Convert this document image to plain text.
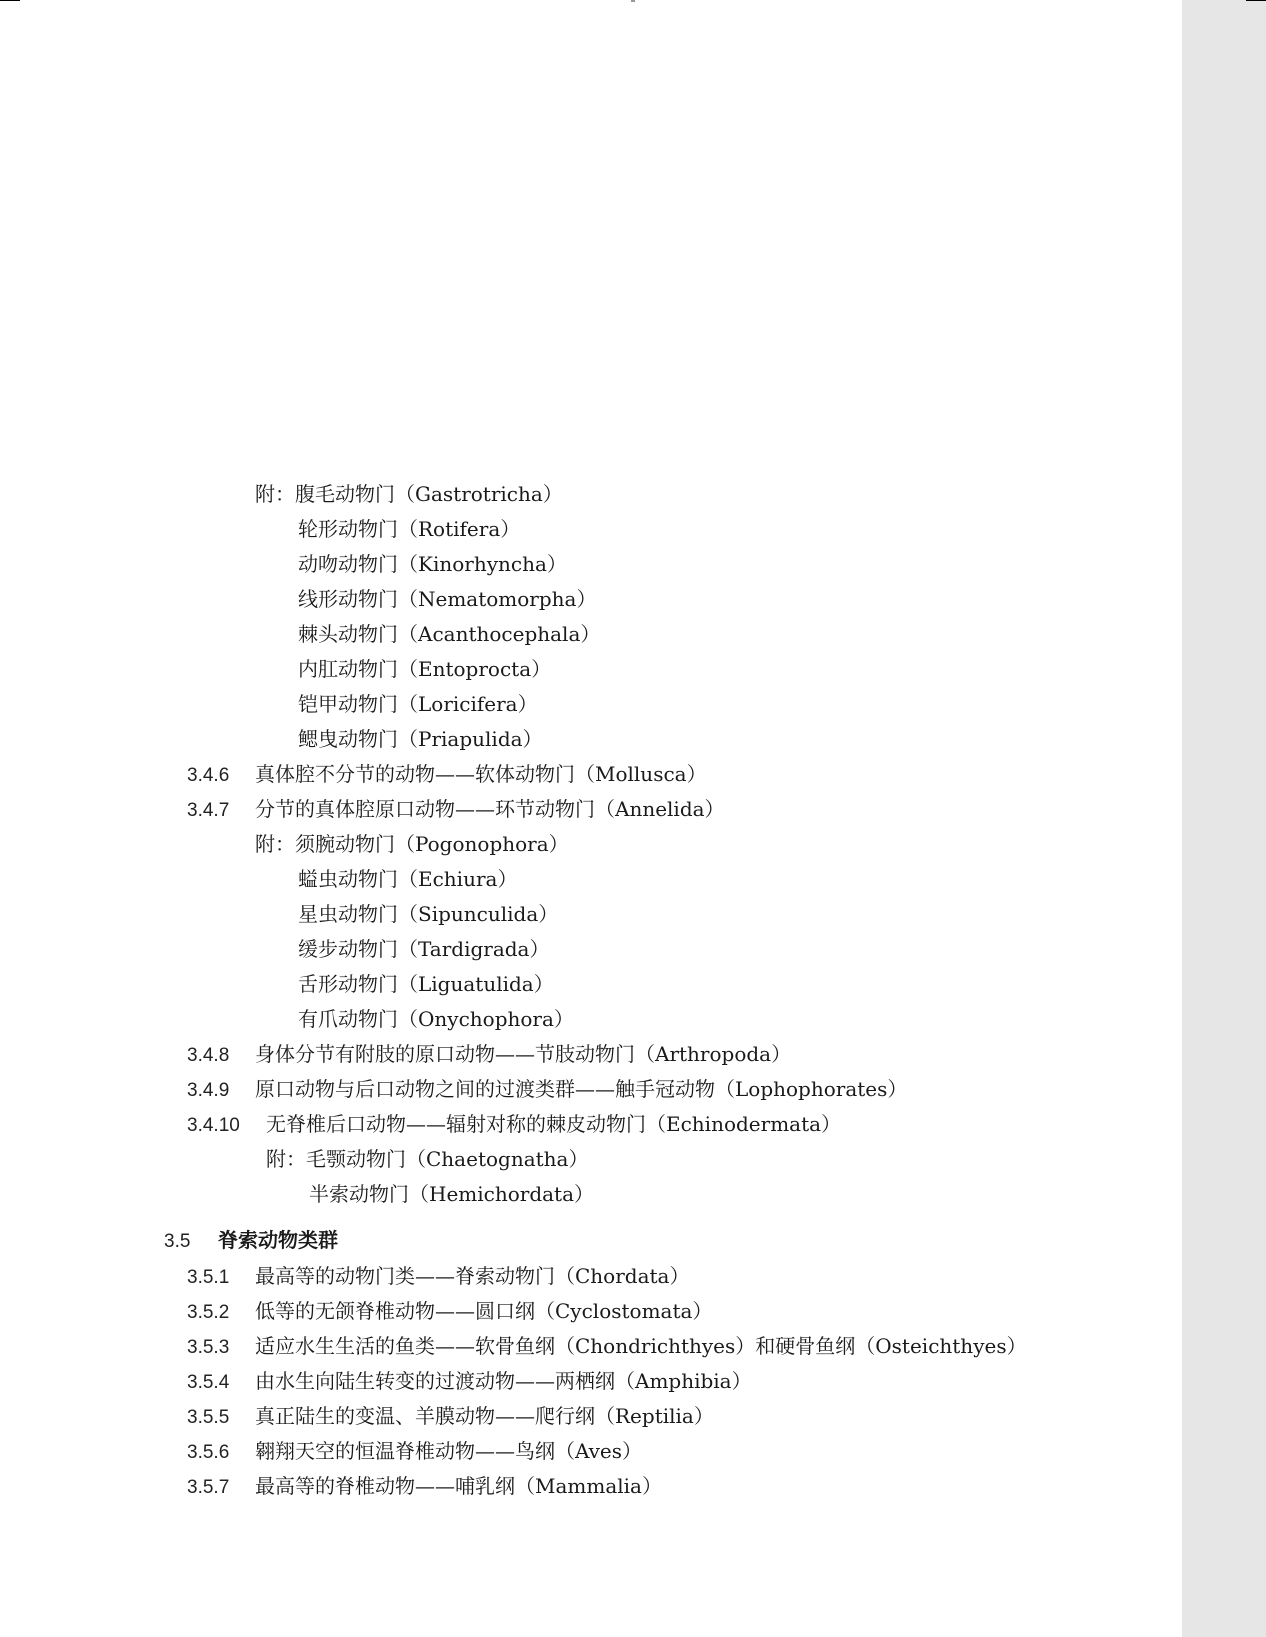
附：腹毛动物门（Gastrotricha）
轮形动物门（Rotifera）
动吻动物门（Kinorhyncha）
线形动物门（Nematomorpha）
棘头动物门（Acanthocephala）
内肛动物门（Entoprocta）
铠甲动物门（Loricifera）
鳃曳动物门（Priapulida）
3.4.6 真体腔不分节的动物——软体动物门（Mollusca）
3.4.7 分节的真体腔原口动物——环节动物门（Annelida）
附：须腕动物门（Pogonophora）
螠虫动物门（Echiura）
星虫动物门（Sipunculida）
缓步动物门（Tardigrada）
舌形动物门（Liguatulida）
有爪动物门（Onychophora）
3.4.8 身体分节有附肢的原口动物——节肢动物门（Arthropoda）
3.4.9 原口动物与后口动物之间的过渡类群——触手冠动物（Lophophorates）
3.4.10 无脊椎后口动物——辐射对称的棘皮动物门（Echinodermata）
附：毛颚动物门（Chaetognatha）
半索动物门（Hemichordata）
3.5 脊索动物类群
3.5.1 最高等的动物门类——脊索动物门（Chordata）
3.5.2 低等的无颌脊椎动物——圆口纲（Cyclostomata）
3.5.3 适应水生生活的鱼类——软骨鱼纲（Chondrichthyes）和硬骨鱼纲（Osteichthyes）
3.5.4 由水生向陆生转变的过渡动物——两栖纲（Amphibia）
3.5.5 真正陆生的变温、羊膜动物——爬行纲（Reptilia）
3.5.6 翱翔天空的恒温脊椎动物——鸟纲（Aves）
3.5.7 最高等的脊椎动物——哺乳纲（Mammalia）
